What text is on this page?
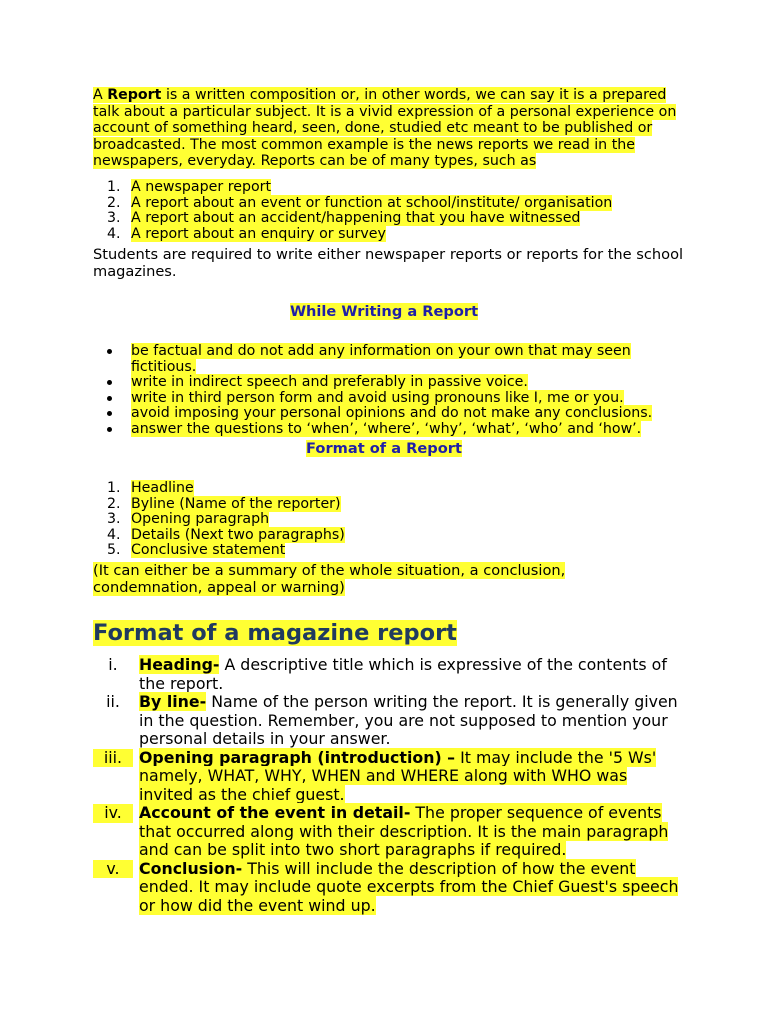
A Report is a written composition or, in other words, we can say it is a prepared talk about a particular subject. It is a vivid expression of a personal experience on account of something heard, seen, done, studied etc meant to be published or broadcasted. The most common example is the news reports we read in the newspapers, everyday. Reports can be of many types, such as
1. A newspaper report
2. A report about an event or function at school/institute/ organisation
3. A report about an accident/happening that you have witnessed
4. A report about an enquiry or survey
Students are required to write either newspaper reports or reports for the school magazines.
While Writing a Report
be factual and do not add any information on your own that may seen fictitious.
write in indirect speech and preferably in passive voice.
write in third person form and avoid using pronouns like I, me or you.
avoid imposing your personal opinions and do not make any conclusions.
answer the questions to ‘when’, ‘where’, ‘why’, ‘what’, ‘who’ and ‘how’.
Format of a Report
1. Headline
2. Byline (Name of the reporter)
3. Opening paragraph
4. Details (Next two paragraphs)
5. Conclusive statement
(It can either be a summary of the whole situation, a conclusion, condemnation, appeal or warning)
Format of a magazine report
i.	Heading- A descriptive title which is expressive of the contents of the report.
ii.	By line- Name of the person writing the report. It is generally given in the question. Remember, you are not supposed to mention your personal details in your answer.
iii.	Opening paragraph (introduction) – It may include the '5 Ws' namely, WHAT, WHY, WHEN and WHERE along with WHO was invited as the chief guest.
iv.	Account of the event in detail- The proper sequence of events that occurred along with their description. It is the main paragraph and can be split into two short paragraphs if required.
v.	Conclusion- This will include the description of how the event ended. It may include quote excerpts from the Chief Guest's speech or how did the event wind up.
